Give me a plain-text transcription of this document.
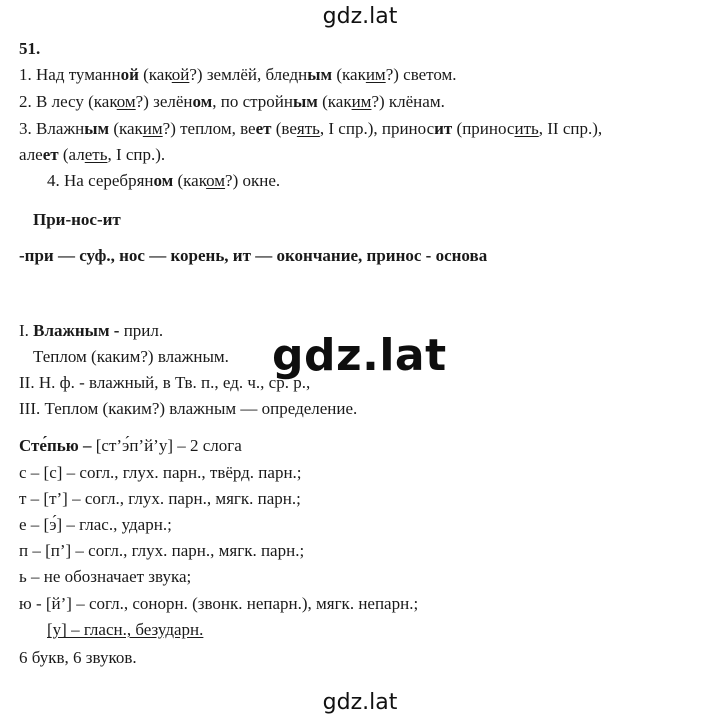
gdz.lat
51.
1. Над туманной (какой?) землёй, бледным (каким?) светом.
2. В лесу (каком?) зелёном, по стройным (каким?) клёнам.
3. Влажным (каким?) теплом, веет (веять, I спр.), приносит (приносить, II спр.),
алеет (алеть, I спр.).
4. На серебряном (каком?) окне.
При-нос-ит
-при — суф., нос — корень, ит — окончание, принос - основа
I. Влажным - прил.
Теплом (каким?) влажным.
II. Н. ф. - влажный, в Тв. п., ед. ч., ср. р.,
III. Теплом (каким?) влажным — определение.
Сте́пью – [ст’э́п’й’у] – 2 слога
с – [с] – согл., глух. парн., твёрд. парн.;
т – [т’] – согл., глух. парн., мягк. парн.;
е – [э́] – глас., ударн.;
п – [п’] – согл., глух. парн., мягк. парн.;
ь – не обозначает звука;
ю - [й’] – согл., сонорн. (звонк. непарн.), мягк. непарн.;
[у] – гласн., безударн.
6 букв, 6 звуков.
gdz.lat
gdz.lat
